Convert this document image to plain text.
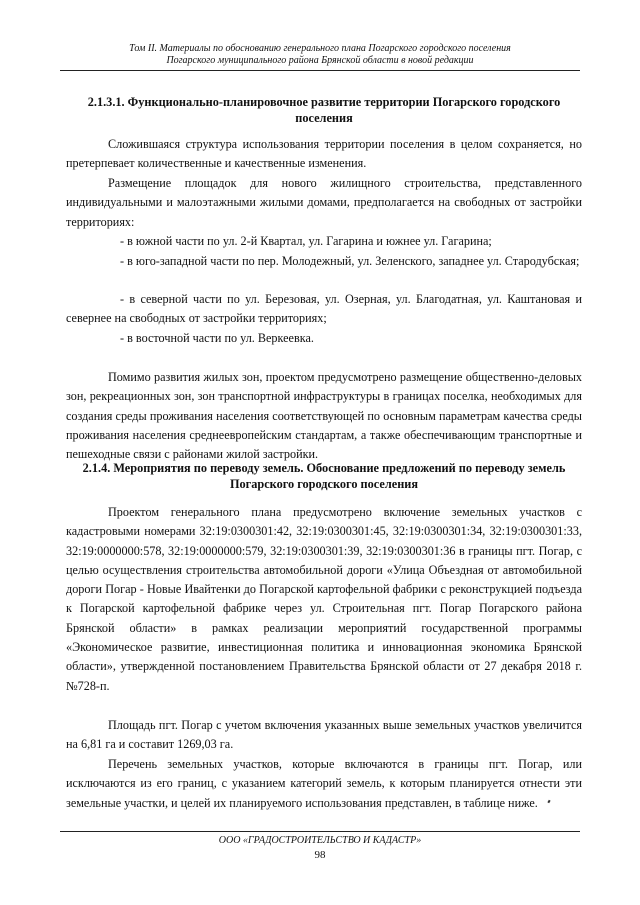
Том II. Материалы по обоснованию генерального плана Погарского городского поселения
Погарского муниципального района Брянской области в новой редакции
2.1.3.1. Функционально-планировочное развитие территории Погарского городского поселения

Сложившаяся структура использования территории поселения в целом сохраняется, но претерпевает количественные и качественные изменения.

Размещение площадок для нового жилищного строительства, представленного индивидуальными и малоэтажными жилыми домами, предполагается на свободных от застройки территориях:

- в южной части по ул. 2-й Квартал, ул. Гагарина и южнее ул. Гагарина;

- в юго-западной части по пер. Молодежный, ул. Зеленского, западнее ул. Стародубская;

- в северной части по ул. Березовая, ул. Озерная, ул. Благодатная, ул. Каштановая и севернее на свободных от застройки территориях;

- в восточной части по ул. Веркеевка.

Помимо развития жилых зон, проектом предусмотрено размещение общественно-деловых зон, рекреационных зон, зон транспортной инфраструктуры в границах поселка, необходимых для создания среды проживания населения соответствующей по основным параметрам качества среды проживания населения среднеевропейским стандартам, а также обеспечивающим транспортные и пешеходные связи с районами жилой застройки.

2.1.4. Мероприятия по переводу земель. Обоснование предложений по переводу земель Погарского городского поселения

Проектом генерального плана предусмотрено включение земельных участков с кадастровыми номерами 32:19:0300301:42, 32:19:0300301:45, 32:19:0300301:34, 32:19:0300301:33, 32:19:0000000:578, 32:19:0000000:579, 32:19:0300301:39, 32:19:0300301:36 в границы пгт. Погар, с целью осуществления строительства автомобильной дороги «Улица Объездная от автомобильной дороги Погар - Новые Ивайтенки до Погарской картофельной фабрики с реконструкцией подъезда к Погарской картофельной фабрике через ул. Строительная пгт. Погар Погарского района Брянской области» в рамках реализации мероприятий государственной программы «Экономическое развитие, инвестиционная политика и инновационная экономика Брянской области», утвержденной постановлением Правительства Брянской области от 27 декабря 2018 г. №728-п.

Площадь пгт. Погар с учетом включения указанных выше земельных участков увеличится на 6,81 га и составит 1269,03 га.

Перечень земельных участков, которые включаются в границы пгт. Погар, или исключаются из его границ, с указанием категорий земель, к которым планируется отнести эти земельные участки, и целей их планируемого использования представлен, в таблице ниже.

ООО «ГРАДОСТРОИТЕЛЬСТВО И КАДАСТР»
98
